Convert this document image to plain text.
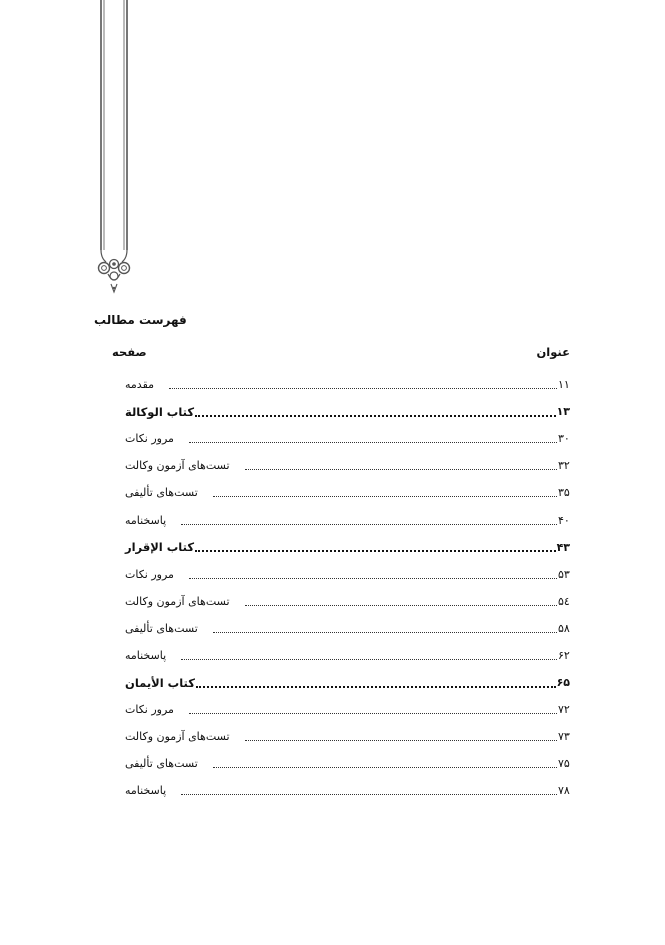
فهرست مطالب
عنوان
صفحه
مقدمه	۱۱
کتاب الوکالة	۱۳
مرور نکات	۳۰
تست‌های آزمون وکالت	۳۲
تست‌های تألیفی	۳۵
پاسخنامه	۴۰
کتاب الإقرار	۴۳
مرور نکات	۵۳
تست‌های آزمون وکالت	۵٤
تست‌های تألیفی	۵۸
پاسخنامه	۶۲
کتاب الأیمان	۶۵
مرور نکات	۷۲
تست‌های آزمون وکالت	۷۳
تست‌های تألیفی	۷۵
پاسخنامه	۷۸
